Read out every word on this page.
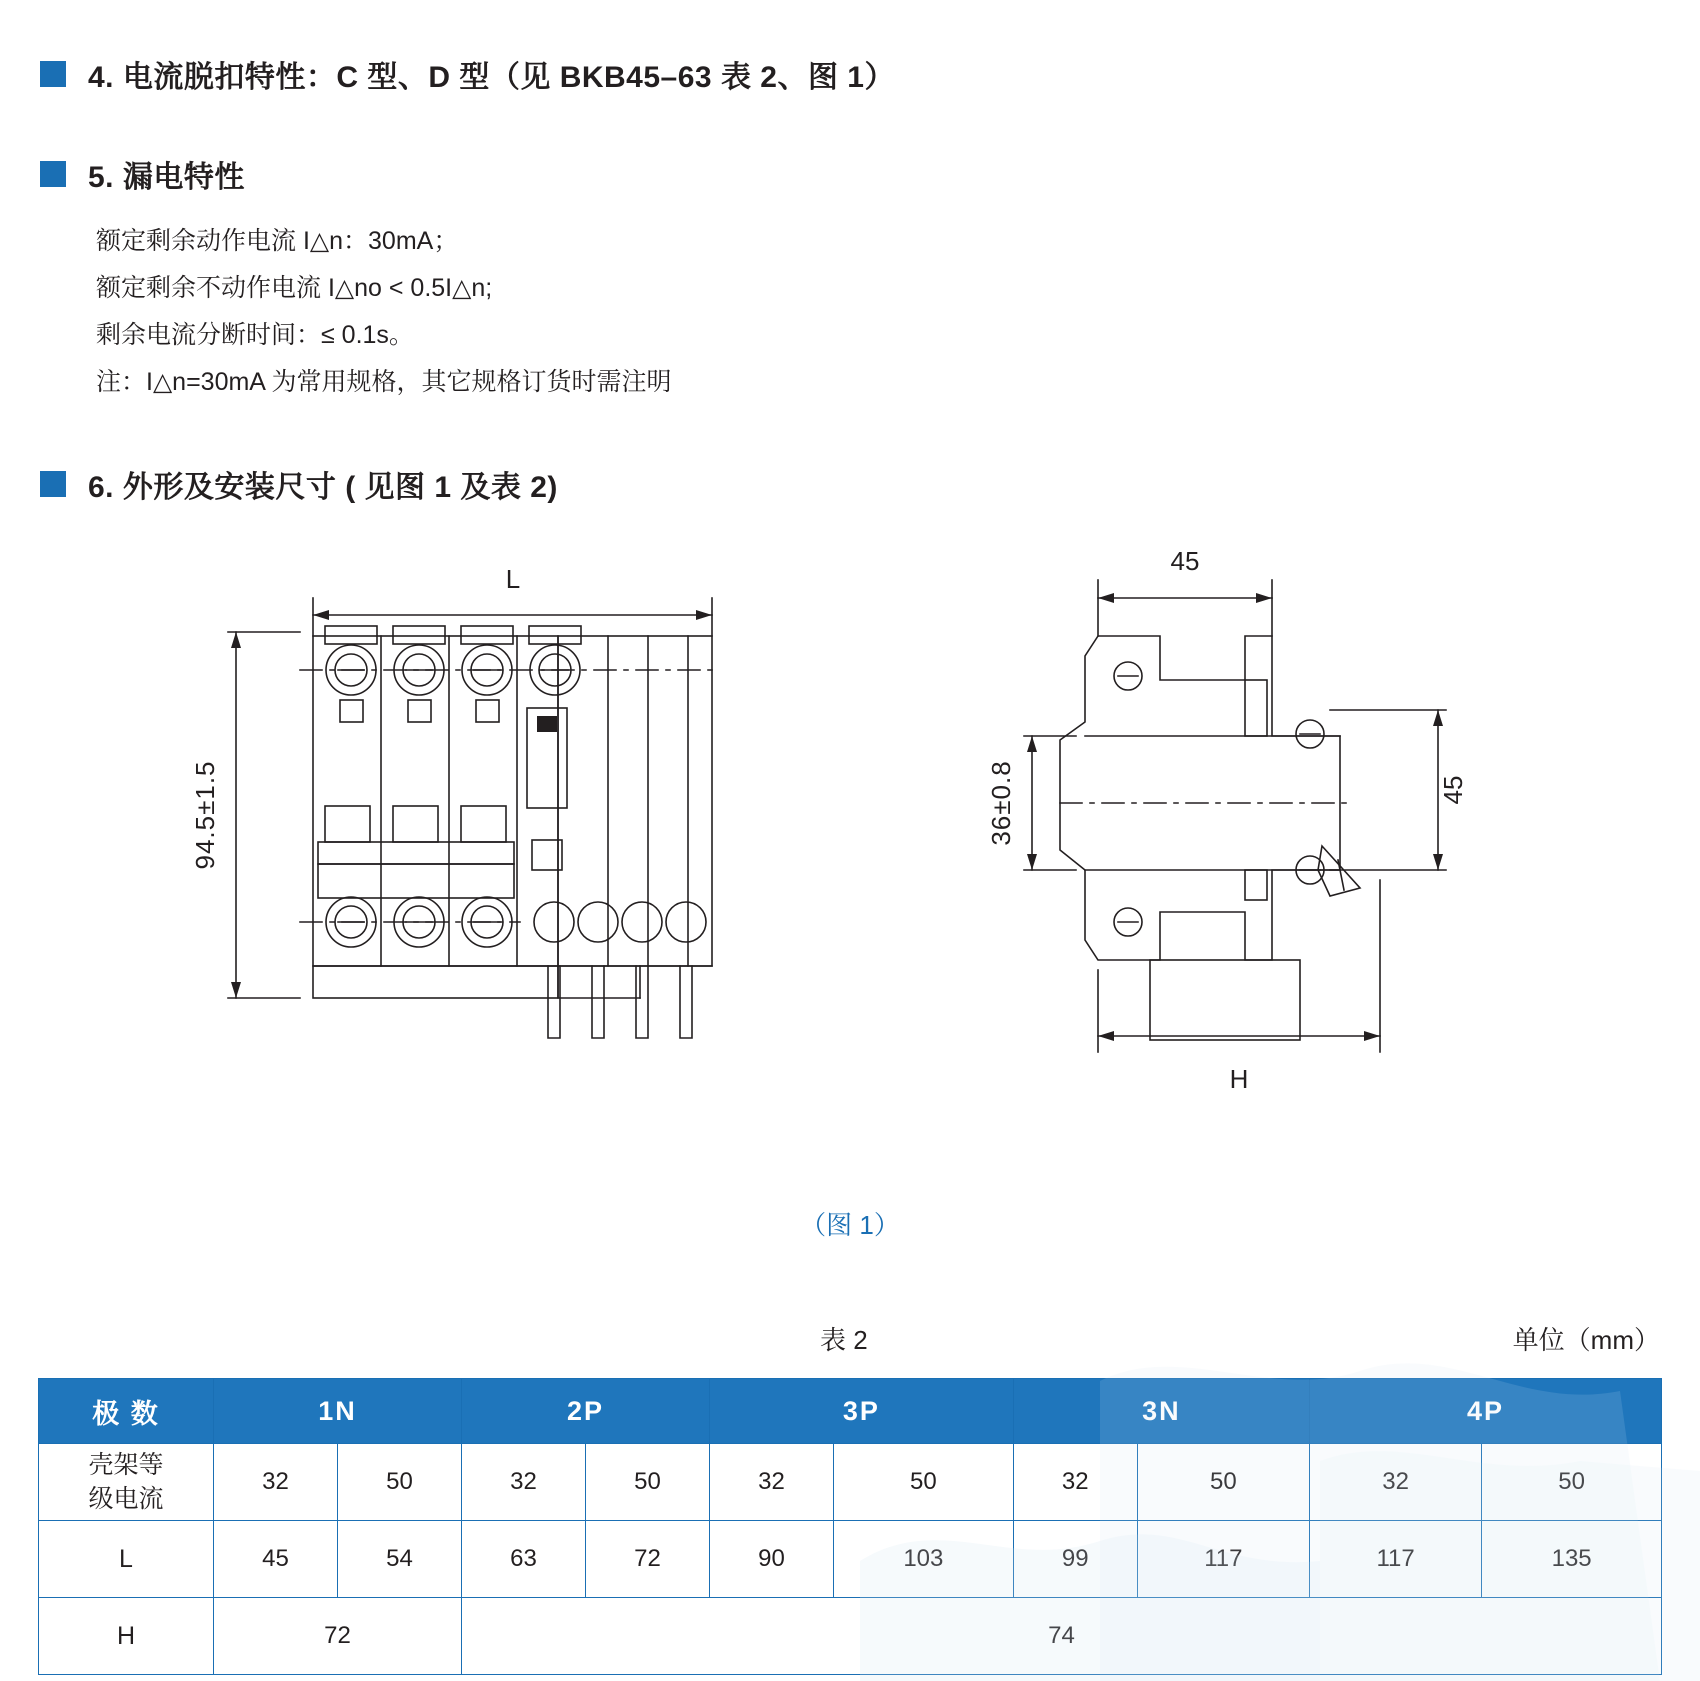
4. 电流脱扣特性：C 型、D 型（见 BKB45–63 表 2、图 1）
5. 漏电特性
额定剩余动作电流 I△n：30mA；
额定剩余不动作电流 I△no < 0.5I△n;
剩余电流分断时间：≤ 0.1s。
注：I△n=30mA 为常用规格，其它规格订货时需注明
6. 外形及安装尺寸 ( 见图 1 及表 2)
L
94.5±1.5
45
36±0.8	45
H
（图 1）
表 2	单位（mm）
极 数	1N		2P		3P		3N		4P	
壳架等
级电流	32	50	32	50	32	50	32	50	32	50
L	45	54	63	72	90	103	99	117	117	135
H	72		74							
